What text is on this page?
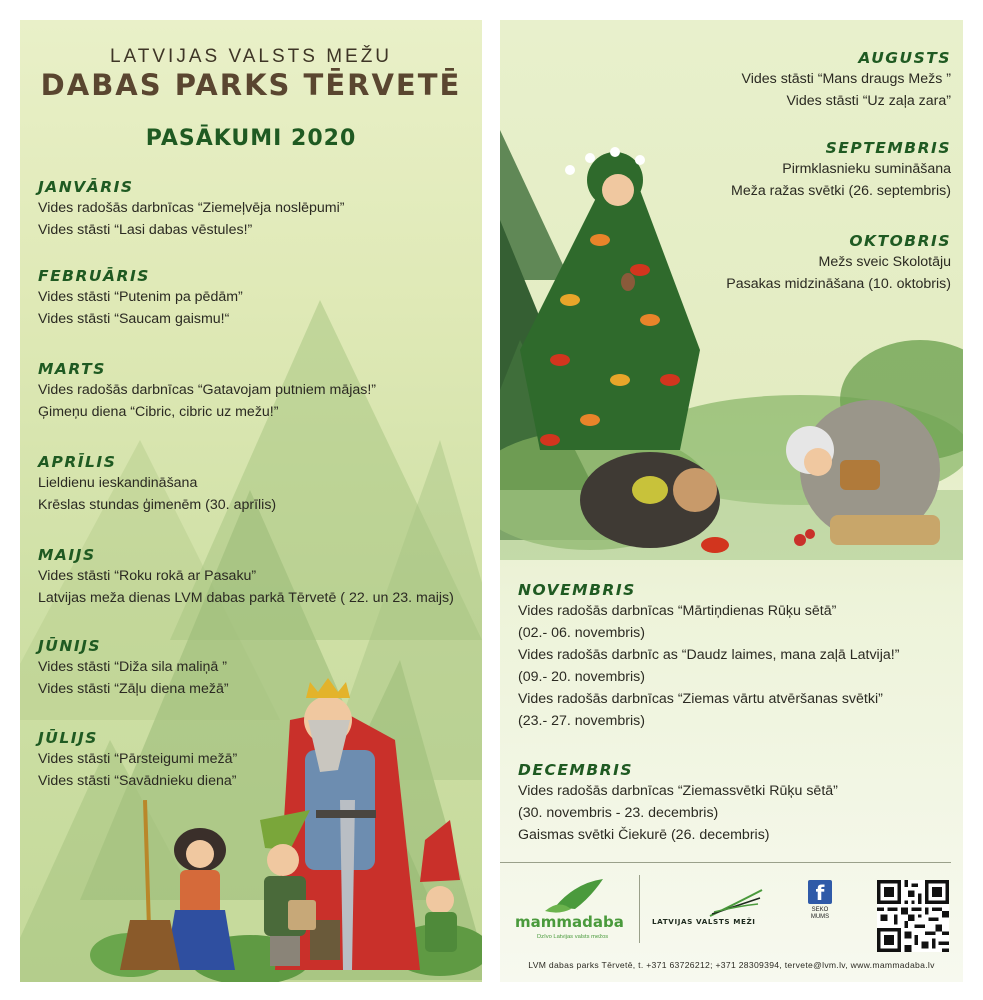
LATVIJAS VALSTS MEŽU
DABAS PARKS TĒRVETĒ
PASĀKUMI 2020
JANVĀRIS
Vides radošās darbnīcas “Ziemeļvēja noslēpumi”
Vides stāsti “Lasi dabas vēstules!”
FEBRUĀRIS
Vides stāsti “Putenim pa pēdām”
Vides stāsti “Saucam gaismu!“
MARTS
Vides radošās darbnīcas “Gatavojam putniem mājas!”
Ģimeņu diena “Cibric, cibric uz mežu!”
APRĪLIS
Lieldienu ieskandināšana
Krēslas stundas ģimenēm (30. aprīlis)
MAIJS
Vides stāsti “Roku rokā ar Pasaku”
Latvijas meža dienas LVM dabas parkā Tērvetē ( 22. un 23. maijs)
JŪNIJS
Vides stāsti “Diža sila maliņā ”
Vides stāsti “Zāļu diena mežā”
JŪLIJS
Vides stāsti “Pārsteigumi mežā”
Vides stāsti “Savādnieku diena”
AUGUSTS
Vides stāsti “Mans draugs Mežs ”
Vides stāsti “Uz zaļa zara”
SEPTEMBRIS
Pirmklasnieku sumināšana
Meža ražas svētki (26. septembris)
OKTOBRIS
Mežs sveic Skolotāju
Pasakas midzināšana (10. oktobris)
NOVEMBRIS
Vides radošās darbnīcas “Mārtiņdienas Rūķu sētā”
(02.- 06. novembris)
Vides radošās darbnīc as “Daudz laimes, mana zaļā Latvija!”
(09.- 20. novembris)
Vides radošās darbnīcas “Ziemas vārtu atvēršanas svētki”
(23.- 27. novembris)
DECEMBRIS
Vides radošās darbnīcas “Ziemassvētki Rūķu sētā”
(30. novembris - 23. decembris)
Gaismas svētki Čiekurē (26. decembris)
mammadaba
Dzīvo Latvijas valsts mežos
LATVIJAS VALSTS MEŽI
f
SEKO MUMS
LVM dabas parks Tērvetē, t. +371 63726212; +371 28309394, tervete@lvm.lv, www.mammadaba.lv
